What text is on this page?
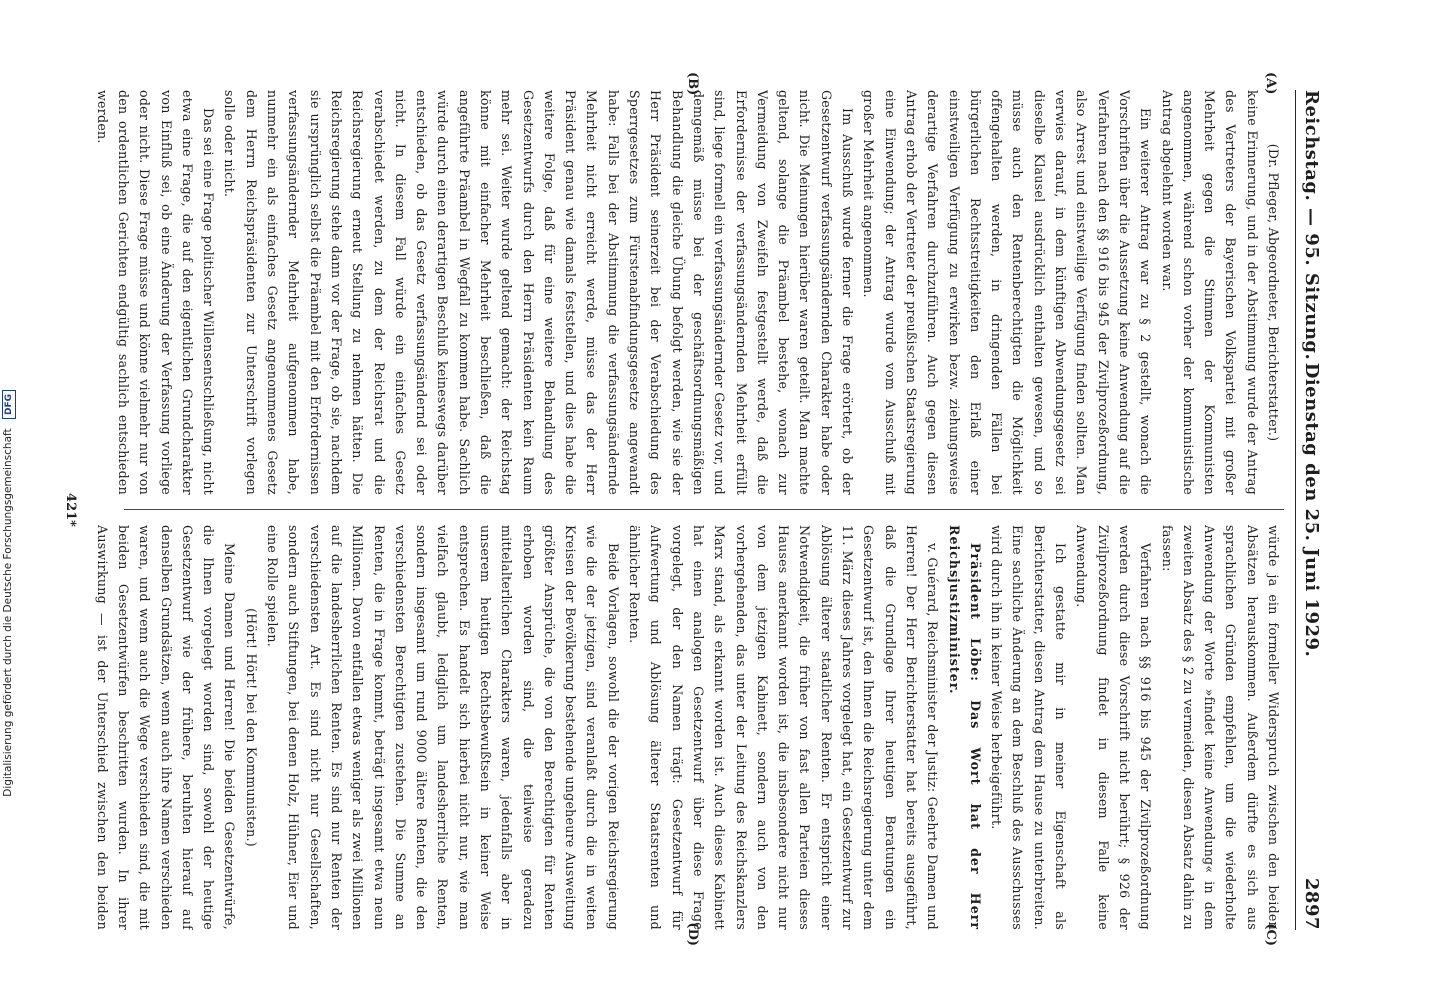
Reichstag. — 95. Sitzung.
Dienstag den 25. Juni 1929.
2897
(A)
(B)
(C)
(D)

(Dr. Pfleger, Abgeordneter, Berichterstatter.)

keine Erinnerung, und in der Abstimmung wurde der Antrag des Vertreters der Bayerischen Volkspartei mit großer Mehrheit gegen die Stimmen der Kommunisten angenommen, während schon vorher der kommunistische Antrag abgelehnt worden war.

Ein weiterer Antrag war zu § 2 gestellt, wonach die Vorschriften über die Aussetzung keine Anwendung auf die Verfahren nach den §§ 916 bis 945 der Zivilprozeßordnung, also Arrest und einstweilige Verfügung finden sollten. Man verwies darauf, in dem künftigen Abwendungsgesetz sei dieselbe Klausel ausdrücklich enthalten gewesen, und so müsse auch den Rentenberechtigten die Möglichkeit offengehalten werden, in dringenden Fällen bei bürgerlichen Rechtsstreitigkeiten den Erlaß einer einstweiligen Verfügung zu erwirken bezw. ziehungsweise derartige Verfahren durchzuführen. Auch gegen diesen Antrag erhob der Vertreter der preußischen Staatsregierung eine Einwendung; der Antrag wurde vom Ausschuß mit großer Mehrheit angenommen.

Im Ausschuß wurde ferner die Frage erörtert, ob der Gesetzentwurf verfassungsändernden Charakter habe oder nicht. Die Meinungen hierüber waren geteilt. Man machte geltend, solange die Präambel bestehe, wonach zur Vermeidung von Zweifeln festgestellt werde, daß die Erfordernisse der verfassungsändernden Mehrheit erfüllt sind, liege formell ein verfassungsändernder Gesetz vor, und demgemäß müsse bei der geschäftsordnungsmäßigen Behandlung die gleiche Übung befolgt werden, wie sie der Herr Präsident seinerzeit bei der Verabschiedung des Sperrgesetzes zum Fürstenabfindungsgesetze angewandt habe: Falls bei der Abstimmung die verfassungsändernde Mehrheit nicht erreicht werde, müsse das der Herr Präsident genau wie damals feststellen, und dies habe die weitere Folge, daß für eine weitere Behandlung des Gesetzentwurfs durch den Herrn Präsidenten kein Raum mehr sei. Weiter wurde geltend gemacht: der Reichstag könne mit einfacher Mehrheit beschließen, daß die angeführte Präambel in Wegfall zu kommen habe. Sachlich würde durch einen derartigen Beschluß keineswegs darüber entschieden, ob das Gesetz verfassungsändernd sei oder nicht. In diesem Fall würde ein einfaches Gesetz verabschiedet werden, zu dem der Reichsrat und die Reichsregierung erneut Stellung zu nehmen hätten. Die Reichsregierung stehe dann vor der Frage, ob sie, nachdem sie ursprünglich selbst die Präambel mit den Erfordernissen verfassungsändernder Mehrheit aufgenommen habe, nunmehr ein als einfaches Gesetz angenommenes Gesetz dem Herrn Reichspräsidenten zur Unterschrift vorlegen solle oder nicht.

Das sei eine Frage politischer Willensentschließung, nicht etwa eine Frage, die auf den eigentlichen Grundcharakter von Einfluß sei, ob eine Änderung der Verfassung vorliege oder nicht. Diese Frage müsse und könne vielmehr nur von den ordentlichen Gerichten endgültig sachlich entschieden werden.

würde ja ein formeller Widerspruch zwischen den beiden Absätzen herauskommen. Außerdem dürfte es sich aus sprachlichen Gründen empfehlen, um die wiederholte Anwendung der Worte »findet keine Anwendung« in dem zweiten Absatz des § 2 zu vermeiden, diesen Absatz dahin zu fassen:

Verfahren nach §§ 916 bis 945 der Zivilprozeßordnung werden durch diese Vorschrift nicht berührt; § 926 der Zivilprozeßordnung findet in diesem Falle keine Anwendung.

Ich gestatte mir in meiner Eigenschaft als Berichterstatter, diesen Antrag dem Hause zu unterbreiten. Eine sachliche Änderung an dem Beschluß des Ausschusses wird durch ihn in keiner Weise herbeigeführt.

Präsident Löbe: Das Wort hat der Herr Reichsjustizminister.

v. Guérard, Reichsminister der Justiz: Geehrte Damen und Herren! Der Herr Berichterstatter hat bereits ausgeführt, daß die Grundlage Ihrer heutigen Beratungen ein Gesetzentwurf ist, den Ihnen die Reichsregierung unter dem 11. März dieses Jahres vorgelegt hat, ein Gesetzentwurf zur Ablösung älterer staatlicher Renten. Er entspricht einer Notwendigkeit, die früher von fast allen Parteien dieses Hauses anerkannt worden ist, die insbesondere nicht nur von dem jetzigen Kabinett, sondern auch von den vorhergehenden, das unter der Leitung des Reichskanzlers Marx stand, als erkannt worden ist. Auch dieses Kabinett hat einen analogen Gesetzentwurf über diese Frage vorgelegt, der den Namen trägt: Gesetzentwurf für Aufwertung und Ablösung älterer Staatsrenten und ähnlicher Renten.

Beide Vorlagen, sowohl die der vorigen Reichsregierung wie die der jetzigen, sind veranlaßt durch die in weiten Kreisen der Bevölkerung bestehende ungeheure Ausweitung größter Ansprüche, die von den Berechtigten für Renten erhoben worden sind, die teilweise geradezu mittelalterlichen Charakters waren, jedenfalls aber in unserem heutigen Rechtsbewußtsein in keiner Weise entsprechen. Es handelt sich hierbei nicht nur, wie man vielfach glaubt, lediglich um landesherrliche Renten, sondern insgesamt um rund 9000 ältere Renten, die den verschiedensten Berechtigten zustehen. Die Summe an Renten, die in Frage kommt, beträgt insgesamt etwa neun Millionen. Davon entfallen etwas weniger als zwei Millionen auf die landesherrlichen Renten. Es sind nur Renten der verschiedensten Art. Es sind nicht nur Gesellschaften, sondern auch Stiftungen, bei denen Holz, Hühner, Eier und eine Rolle spielen.

(Hört! Hört! bei den Kommunisten.)

Meine Damen und Herren! Die beiden Gesetzentwürfe, die Ihnen vorgelegt worden sind, sowohl der heutige Gesetzentwurf wie der frühere, beruhten hierauf auf denselben Grundsätzen, wenn auch ihre Namen verschieden waren, und wenn auch die Wege verschieden sind, die mit beiden Gesetzentwürfen beschritten wurden. In ihrer Auswirkung — ist der Unterschied zwischen den beiden

421*
Digitalisierung gefördert durch die Deutsche Forschungsgemeinschaft DFG
